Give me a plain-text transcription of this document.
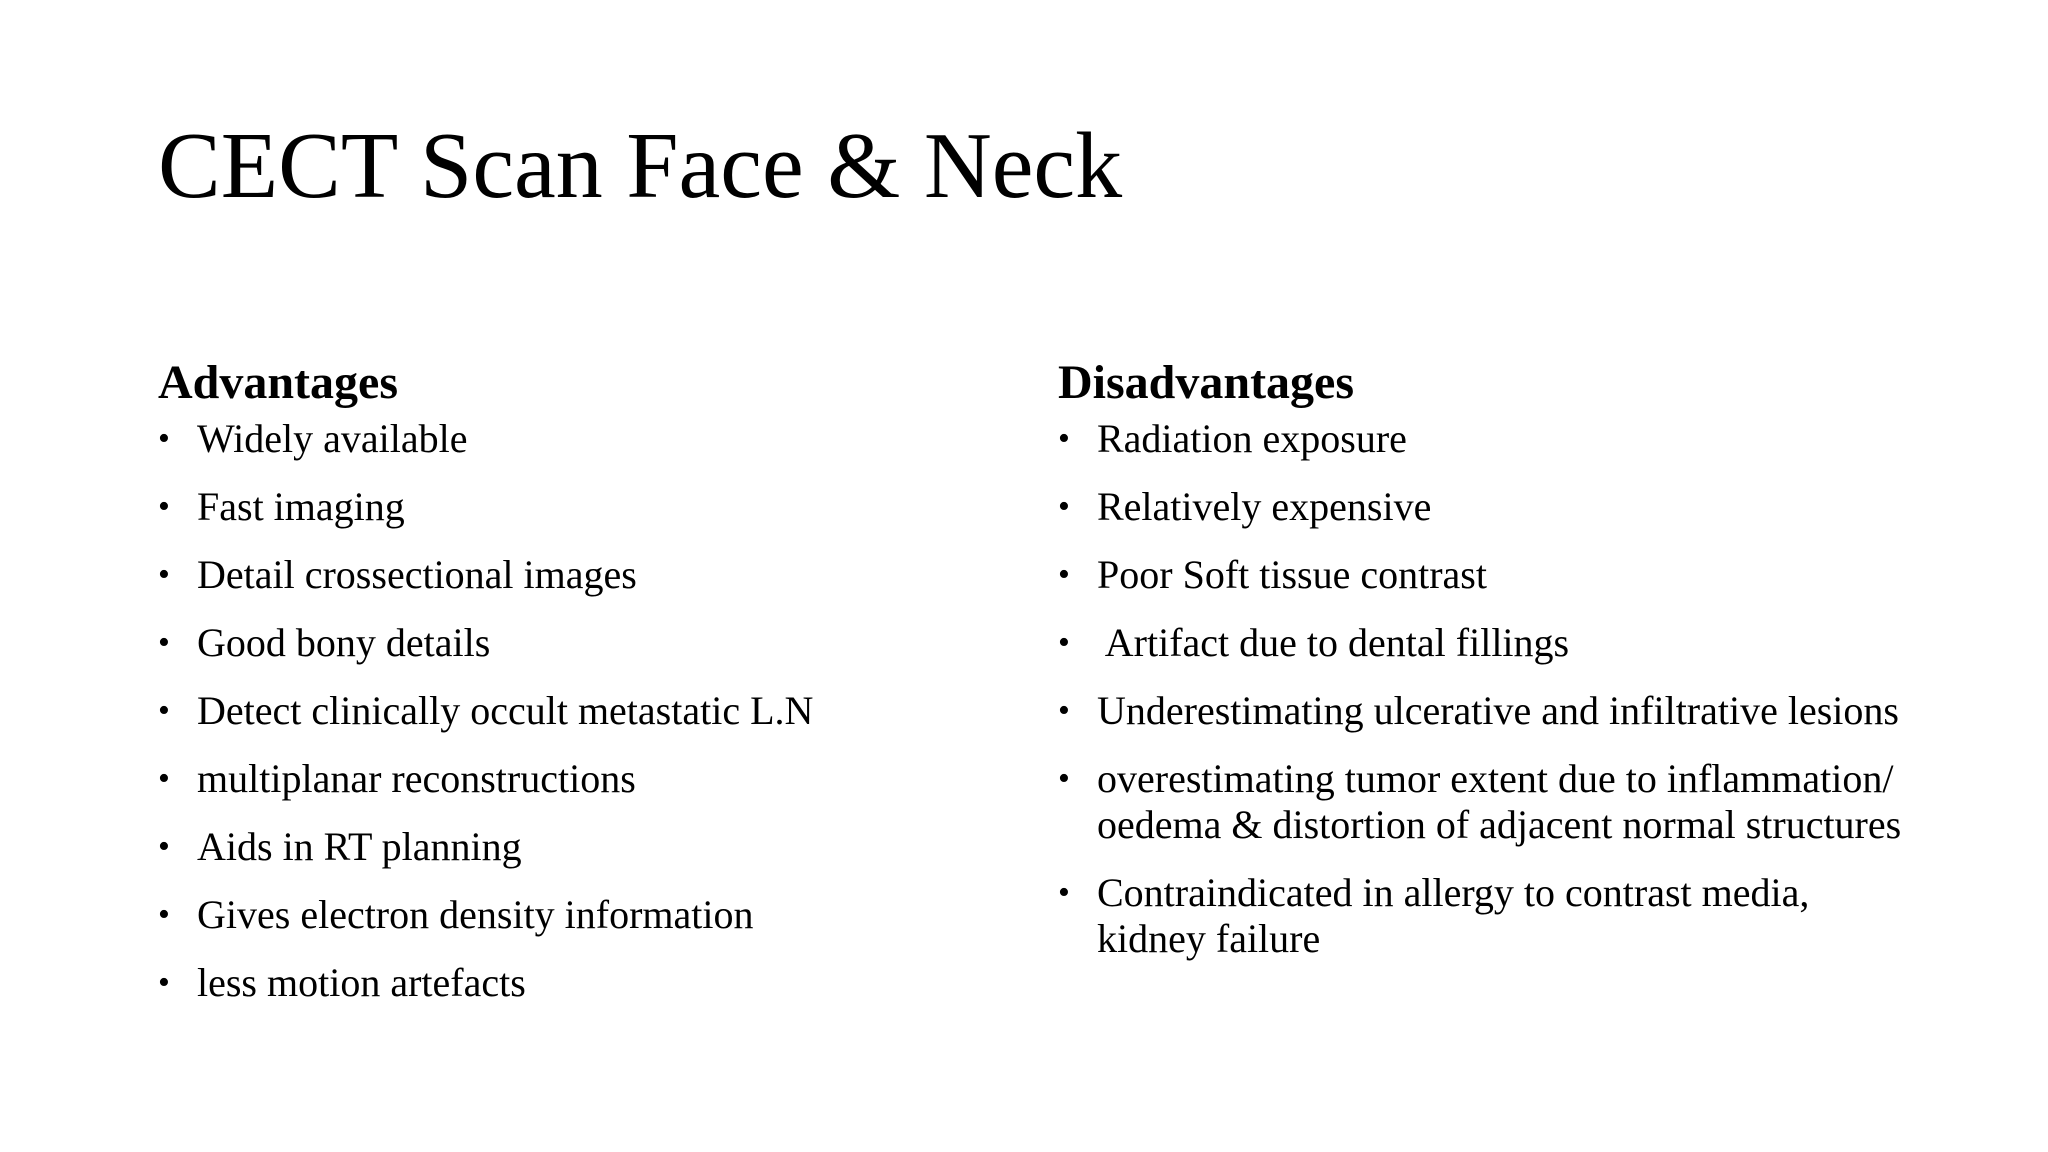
CECT Scan Face & Neck
Advantages
• Widely available
• Fast imaging
• Detail crossectional images
• Good bony details
• Detect clinically occult metastatic L.N
• multiplanar reconstructions
• Aids in RT planning
• Gives electron density information
• less motion artefacts
Disadvantages
• Radiation exposure
• Relatively expensive
• Poor Soft tissue contrast
• Artifact due to dental fillings
• Underestimating ulcerative and infiltrative lesions
• overestimating tumor extent due to inflammation/ oedema & distortion of adjacent normal structures
• Contraindicated in allergy to contrast media, kidney failure
